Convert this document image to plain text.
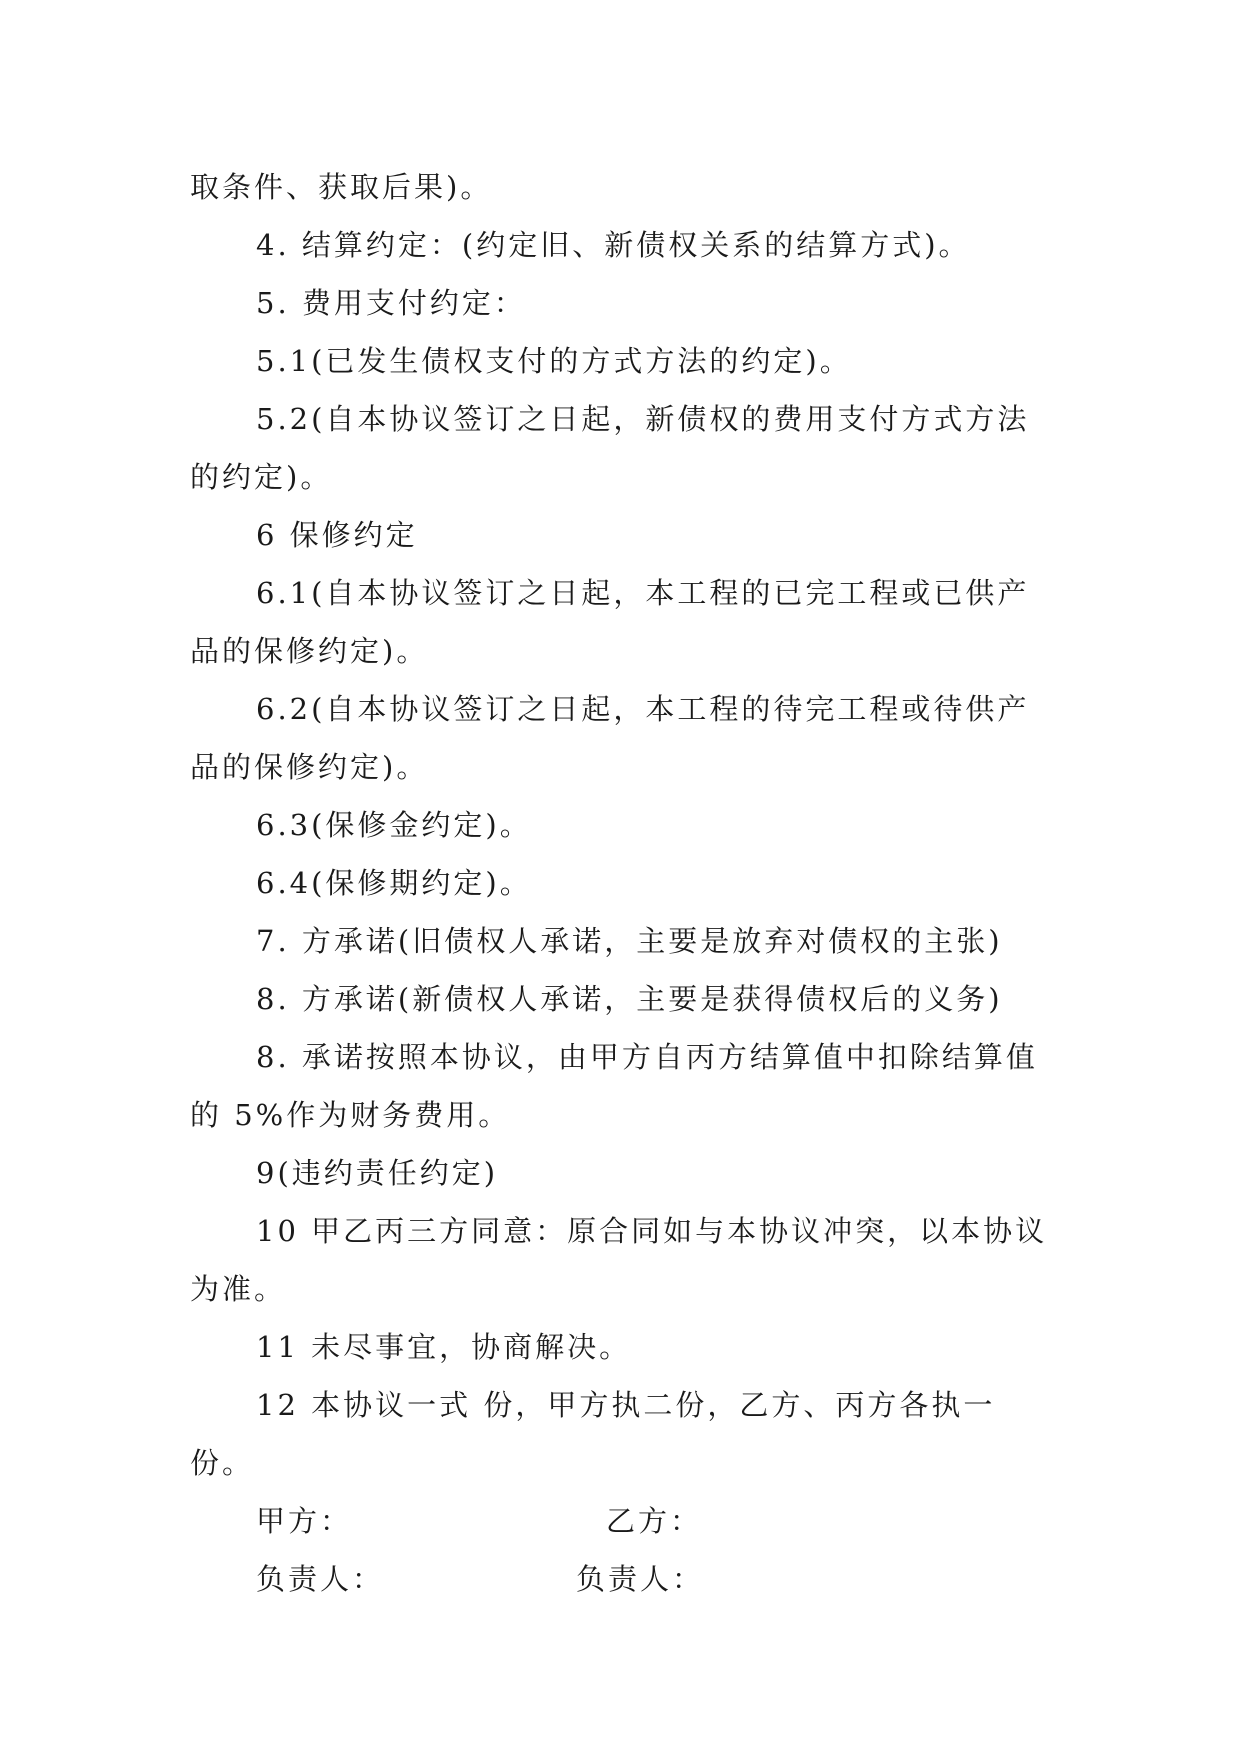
取条件、获取后果)。

4. 结算约定：(约定旧、新债权关系的结算方式)。

5. 费用支付约定：

5.1(已发生债权支付的方式方法的约定)。

5.2(自本协议签订之日起，新债权的费用支付方式方法的约定)。

6 保修约定

6.1(自本协议签订之日起，本工程的已完工程或已供产品的保修约定)。

6.2(自本协议签订之日起，本工程的待完工程或待供产品的保修约定)。

6.3(保修金约定)。

6.4(保修期约定)。

7. 方承诺(旧债权人承诺，主要是放弃对债权的主张)

8. 方承诺(新债权人承诺，主要是获得债权后的义务)

8. 承诺按照本协议，由甲方自丙方结算值中扣除结算值的 5%作为财务费用。

9(违约责任约定)

10 甲乙丙三方同意：原合同如与本协议冲突，以本协议为准。

11 未尽事宜，协商解决。

12 本协议一式 份，甲方执二份，乙方、丙方各执一份。

甲方：	乙方：
负责人：	负责人：
